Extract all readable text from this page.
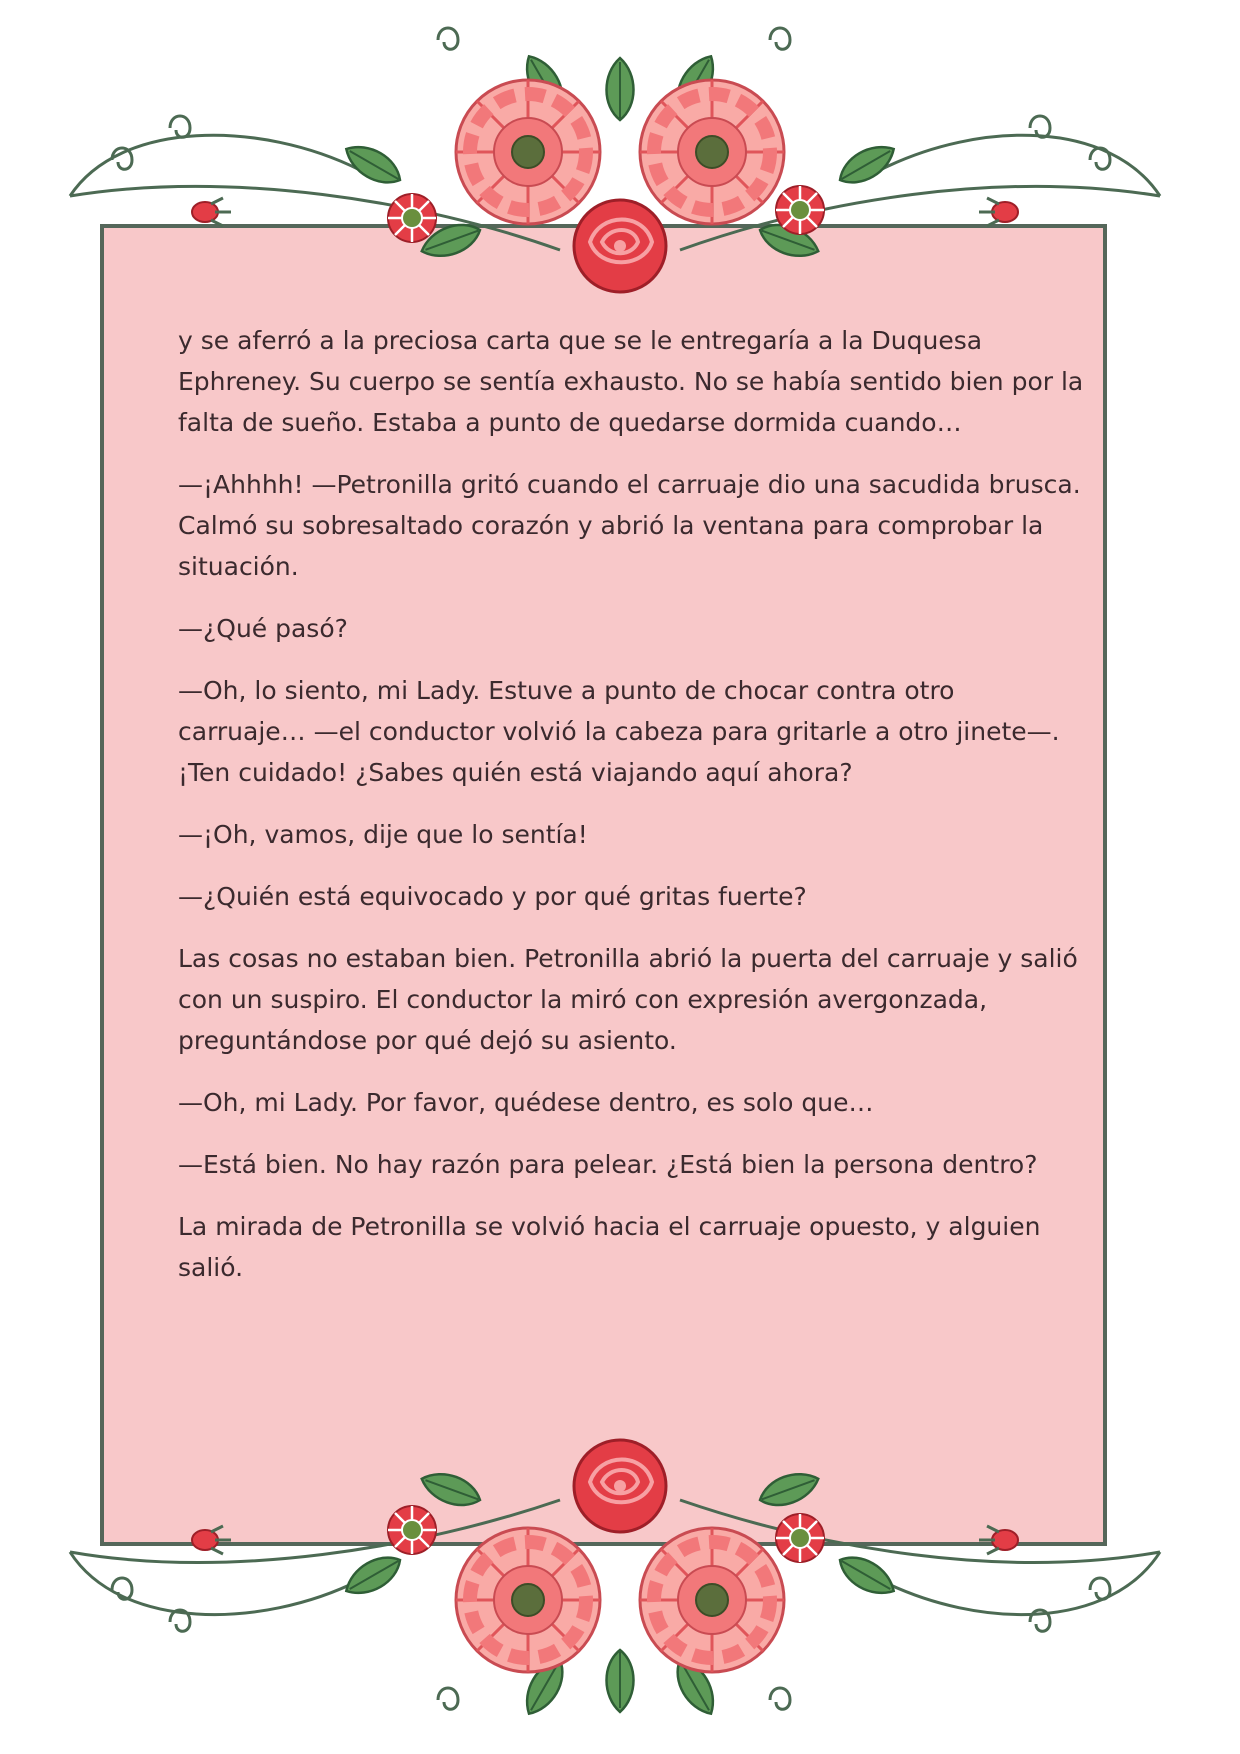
y se aferró a la preciosa carta que se le entregaría a la Duquesa Ephreney. Su cuerpo se sentía exhausto. No se había sentido bien por la falta de sueño. Estaba a punto de quedarse dormida cuando…

—¡Ahhhh! —Petronilla gritó cuando el carruaje dio una sacudida brusca. Calmó su sobresaltado corazón y abrió la ventana para comprobar la situación.

—¿Qué pasó?

—Oh, lo siento, mi Lady. Estuve a punto de chocar contra otro carruaje… —el conductor volvió la cabeza para gritarle a otro jinete—. ¡Ten cuidado! ¿Sabes quién está viajando aquí ahora?

—¡Oh, vamos, dije que lo sentía!

—¿Quién está equivocado y por qué gritas fuerte?

Las cosas no estaban bien. Petronilla abrió la puerta del carruaje y salió con un suspiro. El conductor la miró con expresión avergonzada, preguntándose por qué dejó su asiento.

—Oh, mi Lady. Por favor, quédese dentro, es solo que…

—Está bien. No hay razón para pelear. ¿Está bien la persona dentro?

La mirada de Petronilla se volvió hacia el carruaje opuesto, y alguien salió.
